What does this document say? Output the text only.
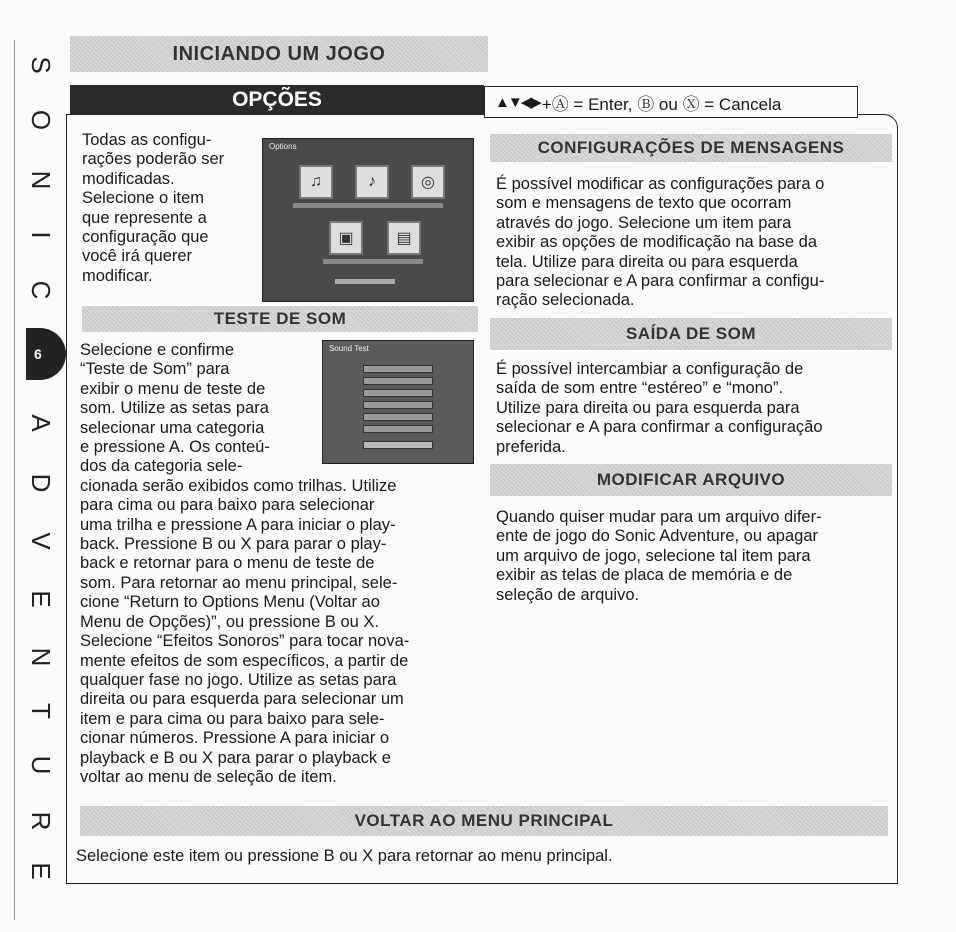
S
O
N
I
C
A
D
V
E
N
T
U
R
E
6
INICIANDO UM JOGO
OPÇÕES	▲▼◀▶ +Ⓐ = Enter, Ⓑ ou Ⓧ = Cancela

Todas as configu-
rações poderão ser
modificadas.
Selecione o item
que represente a
configuração que
você irá querer
modificar.

Options
♫	♪	◎
▣	▤
TESTE DE SOM
Sound Test

Selecione e confirme
“Teste de Som” para
exibir o menu de teste de
som. Utilize as setas para
selecionar uma categoria
e pressione A. Os conteú-
dos da categoria sele-
cionada serão exibidos como trilhas. Utilize
para cima ou para baixo para selecionar
uma trilha e pressione A para iniciar o play-
back. Pressione B ou X para parar o play-
back e retornar para o menu de teste de
som. Para retornar ao menu principal, sele-
cione “Return to Options Menu (Voltar ao
Menu de Opções)”, ou pressione B ou X.
Selecione “Efeitos Sonoros” para tocar nova-
mente efeitos de som específicos, a partir de
qualquer fase no jogo. Utilize as setas para
direita ou para esquerda para selecionar um
item e para cima ou para baixo para sele-
cionar números. Pressione A para iniciar o
playback e B ou X para parar o playback e
voltar ao menu de seleção de item.

CONFIGURAÇÕES DE MENSAGENS

É possível modificar as configurações para o
som e mensagens de texto que ocorram
através do jogo. Selecione um item para
exibir as opções de modificação na base da
tela. Utilize para direita ou para esquerda
para selecionar e A para confirmar a configu-
ração selecionada.

SAÍDA DE SOM

É possível intercambiar a configuração de
saída de som entre “estéreo” e “mono”.
Utilize para direita ou para esquerda para
selecionar e A para confirmar a configuração
preferida.

MODIFICAR ARQUIVO

Quando quiser mudar para um arquivo difer-
ente de jogo do Sonic Adventure, ou apagar
um arquivo de jogo, selecione tal item para
exibir as telas de placa de memória e de
seleção de arquivo.

VOLTAR AO MENU PRINCIPAL

Selecione este item ou pressione B ou X para retornar ao menu principal.
